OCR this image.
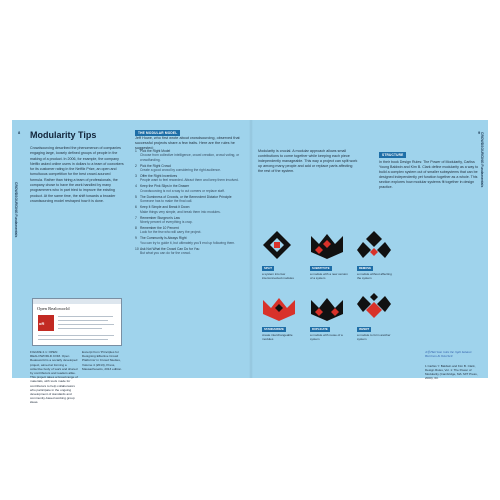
CROWDSOURCING Fundamentals
8 Modularity Tips

Crowdsourcing described the phenomenon of companies engaging large, loosely defined groups of people in the making of a product. In 2006, for example, the company Netflix asked online users in dollars to a team of coworkers for its customer rating in the Netflix Prize, an open and tumultuous competition for the best crowd-sourced formula. Rather than hiring a team of professionals, the company chose to have the work handled by many programmers who in part tried to improve the existing product. At the same time, the shift towards a broader crowdsourcing model reshaped how it is done.

Open Realoworld
oR

FIGURE 2.1: OPEN REALOWORLD.COM. Open Realoworld is a socially developed project, aimed at forming a collective body of work and shared by contributors and readers alike. This project takes a broad range of materials, with tools made for contributors to help collaborators who participate in the ongoing development of standards and community-based working group ideas.

Excerpt from 'Principles for Designing Effective Crowd Platforms' in Crowd Studies, Volume 4 (2013), Press, Massachusetts, 2013 edition.

9 CROWDSOURCING Fundamentals
THE MODULAR MODEL

Jeff Howe, who first wrote about crowdsourcing, observed that successful projects share a few traits. Here are the rules he suggested:

1 Pick the Right Model
Choose from collective intelligence, crowd creation, crowd voting, or crowdfunding.
2 Pick the Right Crowd
Create a good crowd by considering the right audience.
3 Offer the Right Incentives
People want to feel rewarded. Attract them and keep them involved.
4 Keep the Pink Slips in the Drawer
Crowdsourcing is not a way to cut corners or replace staff.
5 The Dumbness of Crowds, or the Benevolent Dictator Principle
Someone has to make the final call.
6 Keep It Simple and Break It Down
Make things very simple, and break them into modules.
7 Remember Sturgeon's Law
Ninety percent of everything is crap.
8 Remember the 10 Percent
Look for the few who will carry the project.
9 The Community Is Always Right
You can try to guide it, but ultimately you'll end up following them.
10 Ask Not What the Crowd Can Do for You
But what you can do for the crowd.

Modularity is crucial. A modular approach allows small contributions to come together while keeping each piece independently manageable. This way a project can split work up among many people and add or replace parts affecting the rest of the system.

STRUCTURE

In their book Design Rules: The Power of Modularity, Carliss Young Baldwin and Kim B. Clark define modularity as a way to build a complex system out of smaller subsystems that can be designed independently yet function together as a whole. This section explores how modular systems fit together in design practice.

SPLIT
a system into few interconnected modules
SUBSTITUTE
a module with a new version of a system
REMOVE
a module without affecting the system
STANDARDIZE
create interchangeable modules
DUPLICATE
a module with reuse of a system
INVERT
a module to form another system

Jeff Harrison rules the right balance Harrison & Osterhelt

1 Carliss Y. Baldwin and Kim B. Clark, Design Rules, Vol. 1: The Power of Modularity (Cambridge, MA: MIT Press, 2000), 63.
